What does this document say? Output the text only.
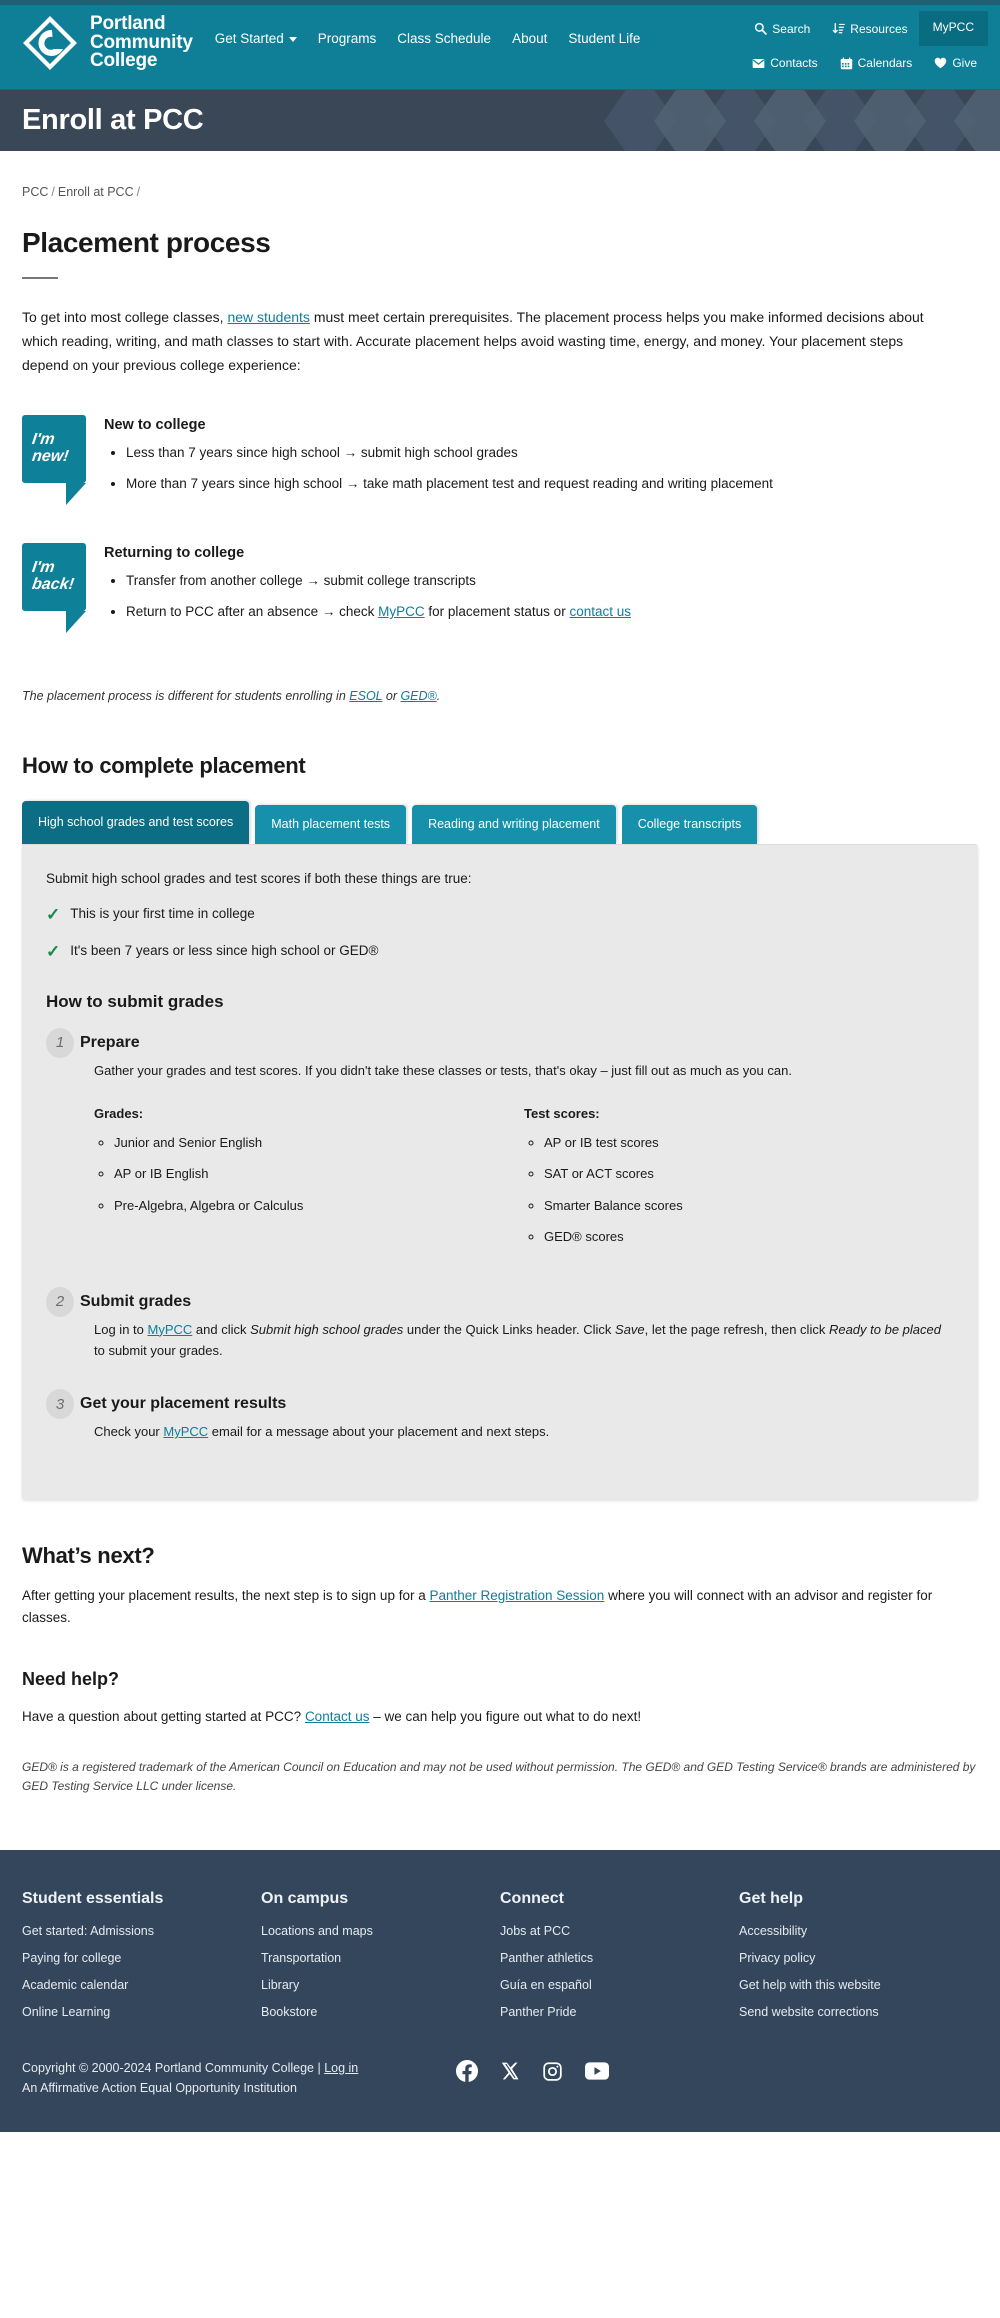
Portland
Community
College
Get Started	Programs Class Schedule About Student Life
Search	Resources MyPCC
Contacts	Calendars	Give
Enroll at PCC
PCC / Enroll at PCC /
Placement process

To get into most college classes, new students must meet certain prerequisites. The placement process helps you make informed decisions about which reading, writing, and math classes to start with. Accurate placement helps avoid wasting time, energy, and money. Your placement steps depend on your previous college experience:

I'm
new!
New to college
• Less than 7 years since high school → submit high school grades
• More than 7 years since high school → take math placement test and request reading and writing placement
I'm
back!
Returning to college
• Transfer from another college → submit college transcripts
• Return to PCC after an absence → check MyPCC for placement status or contact us

The placement process is different for students enrolling in ESOL or GED®.

How to complete placement
High school grades and test scores	Math placement tests	Reading and writing placement	College transcripts

Submit high school grades and test scores if both these things are true:

✓ This is your first time in college
✓ It's been 7 years or less since high school or GED®
How to submit grades
1 Prepare

Gather your grades and test scores. If you didn't take these classes or tests, that's okay – just fill out as much as you can.

Grades:
◦ Junior and Senior English
◦ AP or IB English
◦ Pre-Algebra, Algebra or Calculus
Test scores:
◦ AP or IB test scores
◦ SAT or ACT scores
◦ Smarter Balance scores
◦ GED® scores
2 Submit grades

Log in to MyPCC and click Submit high school grades under the Quick Links header. Click Save, let the page refresh, then click Ready to be placed to submit your grades.

3 Get your placement results

Check your MyPCC email for a message about your placement and next steps.

What’s next?

After getting your placement results, the next step is to sign up for a Panther Registration Session where you will connect with an advisor and register for classes.

Need help?

Have a question about getting started at PCC? Contact us – we can help you figure out what to do next!

GED® is a registered trademark of the American Council on Education and may not be used without permission. The GED® and GED Testing Service® brands are administered by GED Testing Service LLC under license.

Student essentials
Get started: Admissions
Paying for college
Academic calendar
Online Learning
On campus
Locations and maps
Transportation
Library
Bookstore
Connect
Jobs at PCC
Panther athletics
Guía en español
Panther Pride
Get help
Accessibility
Privacy policy
Get help with this website
Send website corrections
Copyright © 2000-2024 Portland Community College | Log in
An Affirmative Action Equal Opportunity Institution
